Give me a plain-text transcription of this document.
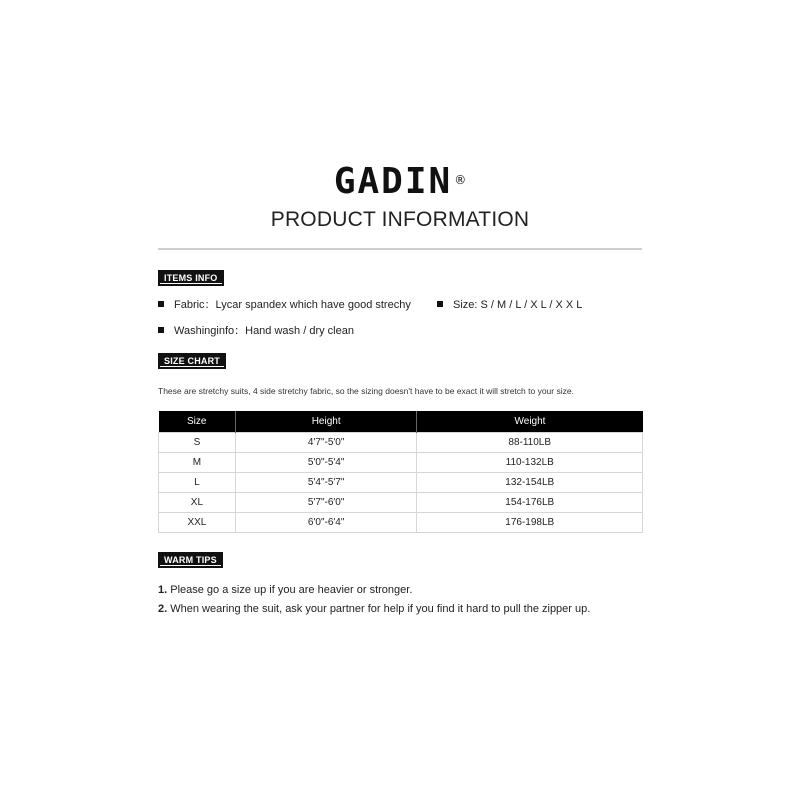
GADIN ®
PRODUCT INFORMATION
ITEMS INFO
Fabric：Lycar spandex which have good strechy	Size: S / M / L / X L / X X L
Washinginfo：Hand wash / dry clean
SIZE CHART
These are stretchy suits, 4 side stretchy fabric, so the sizing doesn't have to be exact it will stretch to your size.
Size	Height	Weight
S	4'7"-5'0"	88-110LB
M	5'0"-5'4"	110-132LB
L	5'4"-5'7"	132-154LB
XL	5'7"-6'0"	154-176LB
XXL	6'0"-6'4"	176-198LB
WARM TIPS
1. Please go a size up if you are heavier or stronger.
2. When wearing the suit, ask your partner for help if you find it hard to pull the zipper up.
